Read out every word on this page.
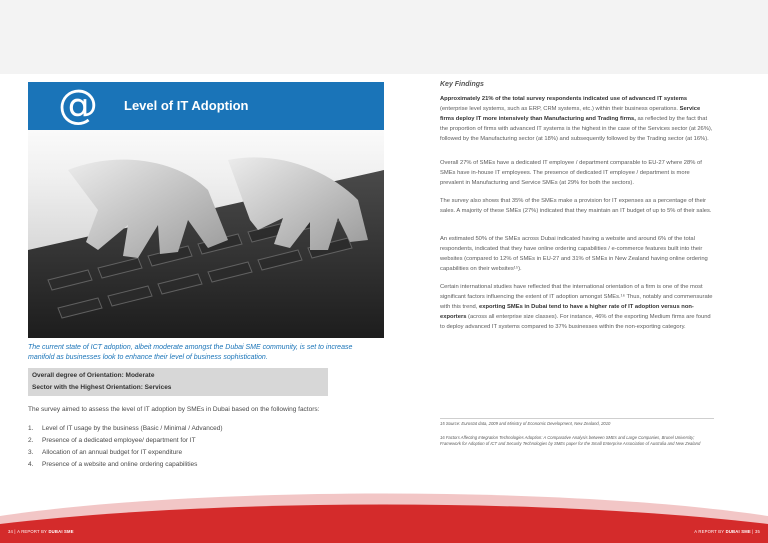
@ Level of IT Adoption
The current state of ICT adoption, albeit moderate amongst the Dubai SME community, is set to increase manifold as businesses look to enhance their level of business sophistication.
Overall degree of Orientation: Moderate
Sector with the Highest Orientation: Services
The survey aimed to assess the level of IT adoption by SMEs in Dubai based on the following factors:
1. Level of IT usage by the business (Basic / Minimal / Advanced)
2. Presence of a dedicated employee/ department for IT
3. Allocation of an annual budget for IT expenditure
4. Presence of a website and online ordering capabilities
Key Findings

Approximately 21% of the total survey respondents indicated use of advanced IT systems (enterprise level systems, such as ERP, CRM systems, etc.) within their business operations. Service firms deploy IT more intensively than Manufacturing and Trading firms, as reflected by the fact that the proportion of firms with advanced IT systems is the highest in the case of the Services sector (at 26%), followed by the Manufacturing sector (at 18%) and subsequently followed by the Trading sector (at 16%).

Overall 27% of SMEs have a dedicated IT employee / department comparable to EU-27 where 28% of SMEs have in-house IT employees. The presence of dedicated IT employee / department is more prevalent in Manufacturing and Service SMEs (at 29% for both the sectors).

The survey also shows that 35% of the SMEs make a provision for IT expenses as a percentage of their sales. A majority of these SMEs (27%) indicated that they maintain an IT budget of up to 5% of their sales.

An estimated 50% of the SMEs across Dubai indicated having a website and around 6% of the total respondents, indicated that they have online ordering capabilities / e-commerce features built into their websites (compared to 12% of SMEs in EU-27 and 31% of SMEs in New Zealand having online ordering capabilities on their websites¹⁵).

Certain international studies have reflected that the international orientation of a firm is one of the most significant factors influencing the extent of IT adoption amongst SMEs.¹⁶ Thus, notably and commensurate with this trend, exporting SMEs in Dubai tend to have a higher rate of IT adoption versus non-exporters (across all enterprise size classes). For instance, 46% of the exporting Medium firms are found to deploy advanced IT systems compared to 37% businesses within the non-exporting category.

15 Source: Eurostat data, 2009 and Ministry of Economic Development, New Zealand, 2010
16 Factors Affecting Integration Technologies Adoption: A Comparative Analysis between SMEs and Large Companies, Brunel University; Framework for Adoption of ICT and Security Technologies by SMEs paper for the Small Enterprise Association of Australia and New Zealand
34 | A REPORT BY DUBAI SME	A REPORT BY DUBAI SME | 35
